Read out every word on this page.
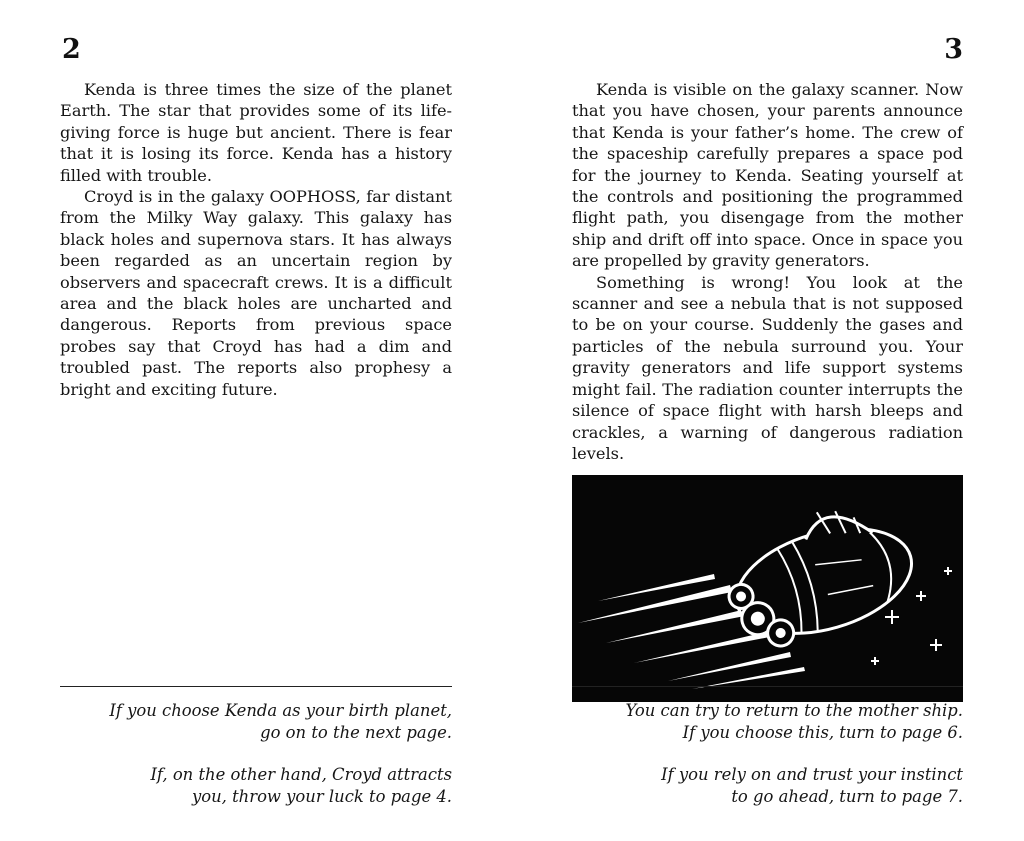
2

Kenda is three times the size of the planet Earth. The star that provides some of its life-giving force is huge but ancient. There is fear that it is losing its force. Kenda has a history filled with trouble.

Croyd is in the galaxy OOPHOSS, far distant from the Milky Way galaxy. This galaxy has black holes and supernova stars. It has always been regarded as an uncertain region by observers and spacecraft crews. It is a difficult area and the black holes are uncharted and dangerous. Reports from previous space probes say that Croyd has had a dim and troubled past. The reports also prophesy a bright and exciting future.

If you choose Kenda as your birth planet,
go on to the next page.
If, on the other hand, Croyd attracts
you, throw your luck to page 4.
3

Kenda is visible on the galaxy scanner. Now that you have chosen, your parents announce that Kenda is your father’s home. The crew of the spaceship carefully prepares a space pod for the journey to Kenda. Seating yourself at the controls and positioning the programmed flight path, you disengage from the mother ship and drift off into space. Once in space you are propelled by gravity generators.

Something is wrong! You look at the scanner and see a nebula that is not supposed to be on your course. Suddenly the gases and particles of the nebula surround you. Your gravity generators and life support systems might fail. The radiation counter interrupts the silence of space flight with harsh bleeps and crackles, a warning of dangerous radiation levels.

You can try to return to the mother ship.
If you choose this, turn to page 6.
If you rely on and trust your instinct
to go ahead, turn to page 7.
